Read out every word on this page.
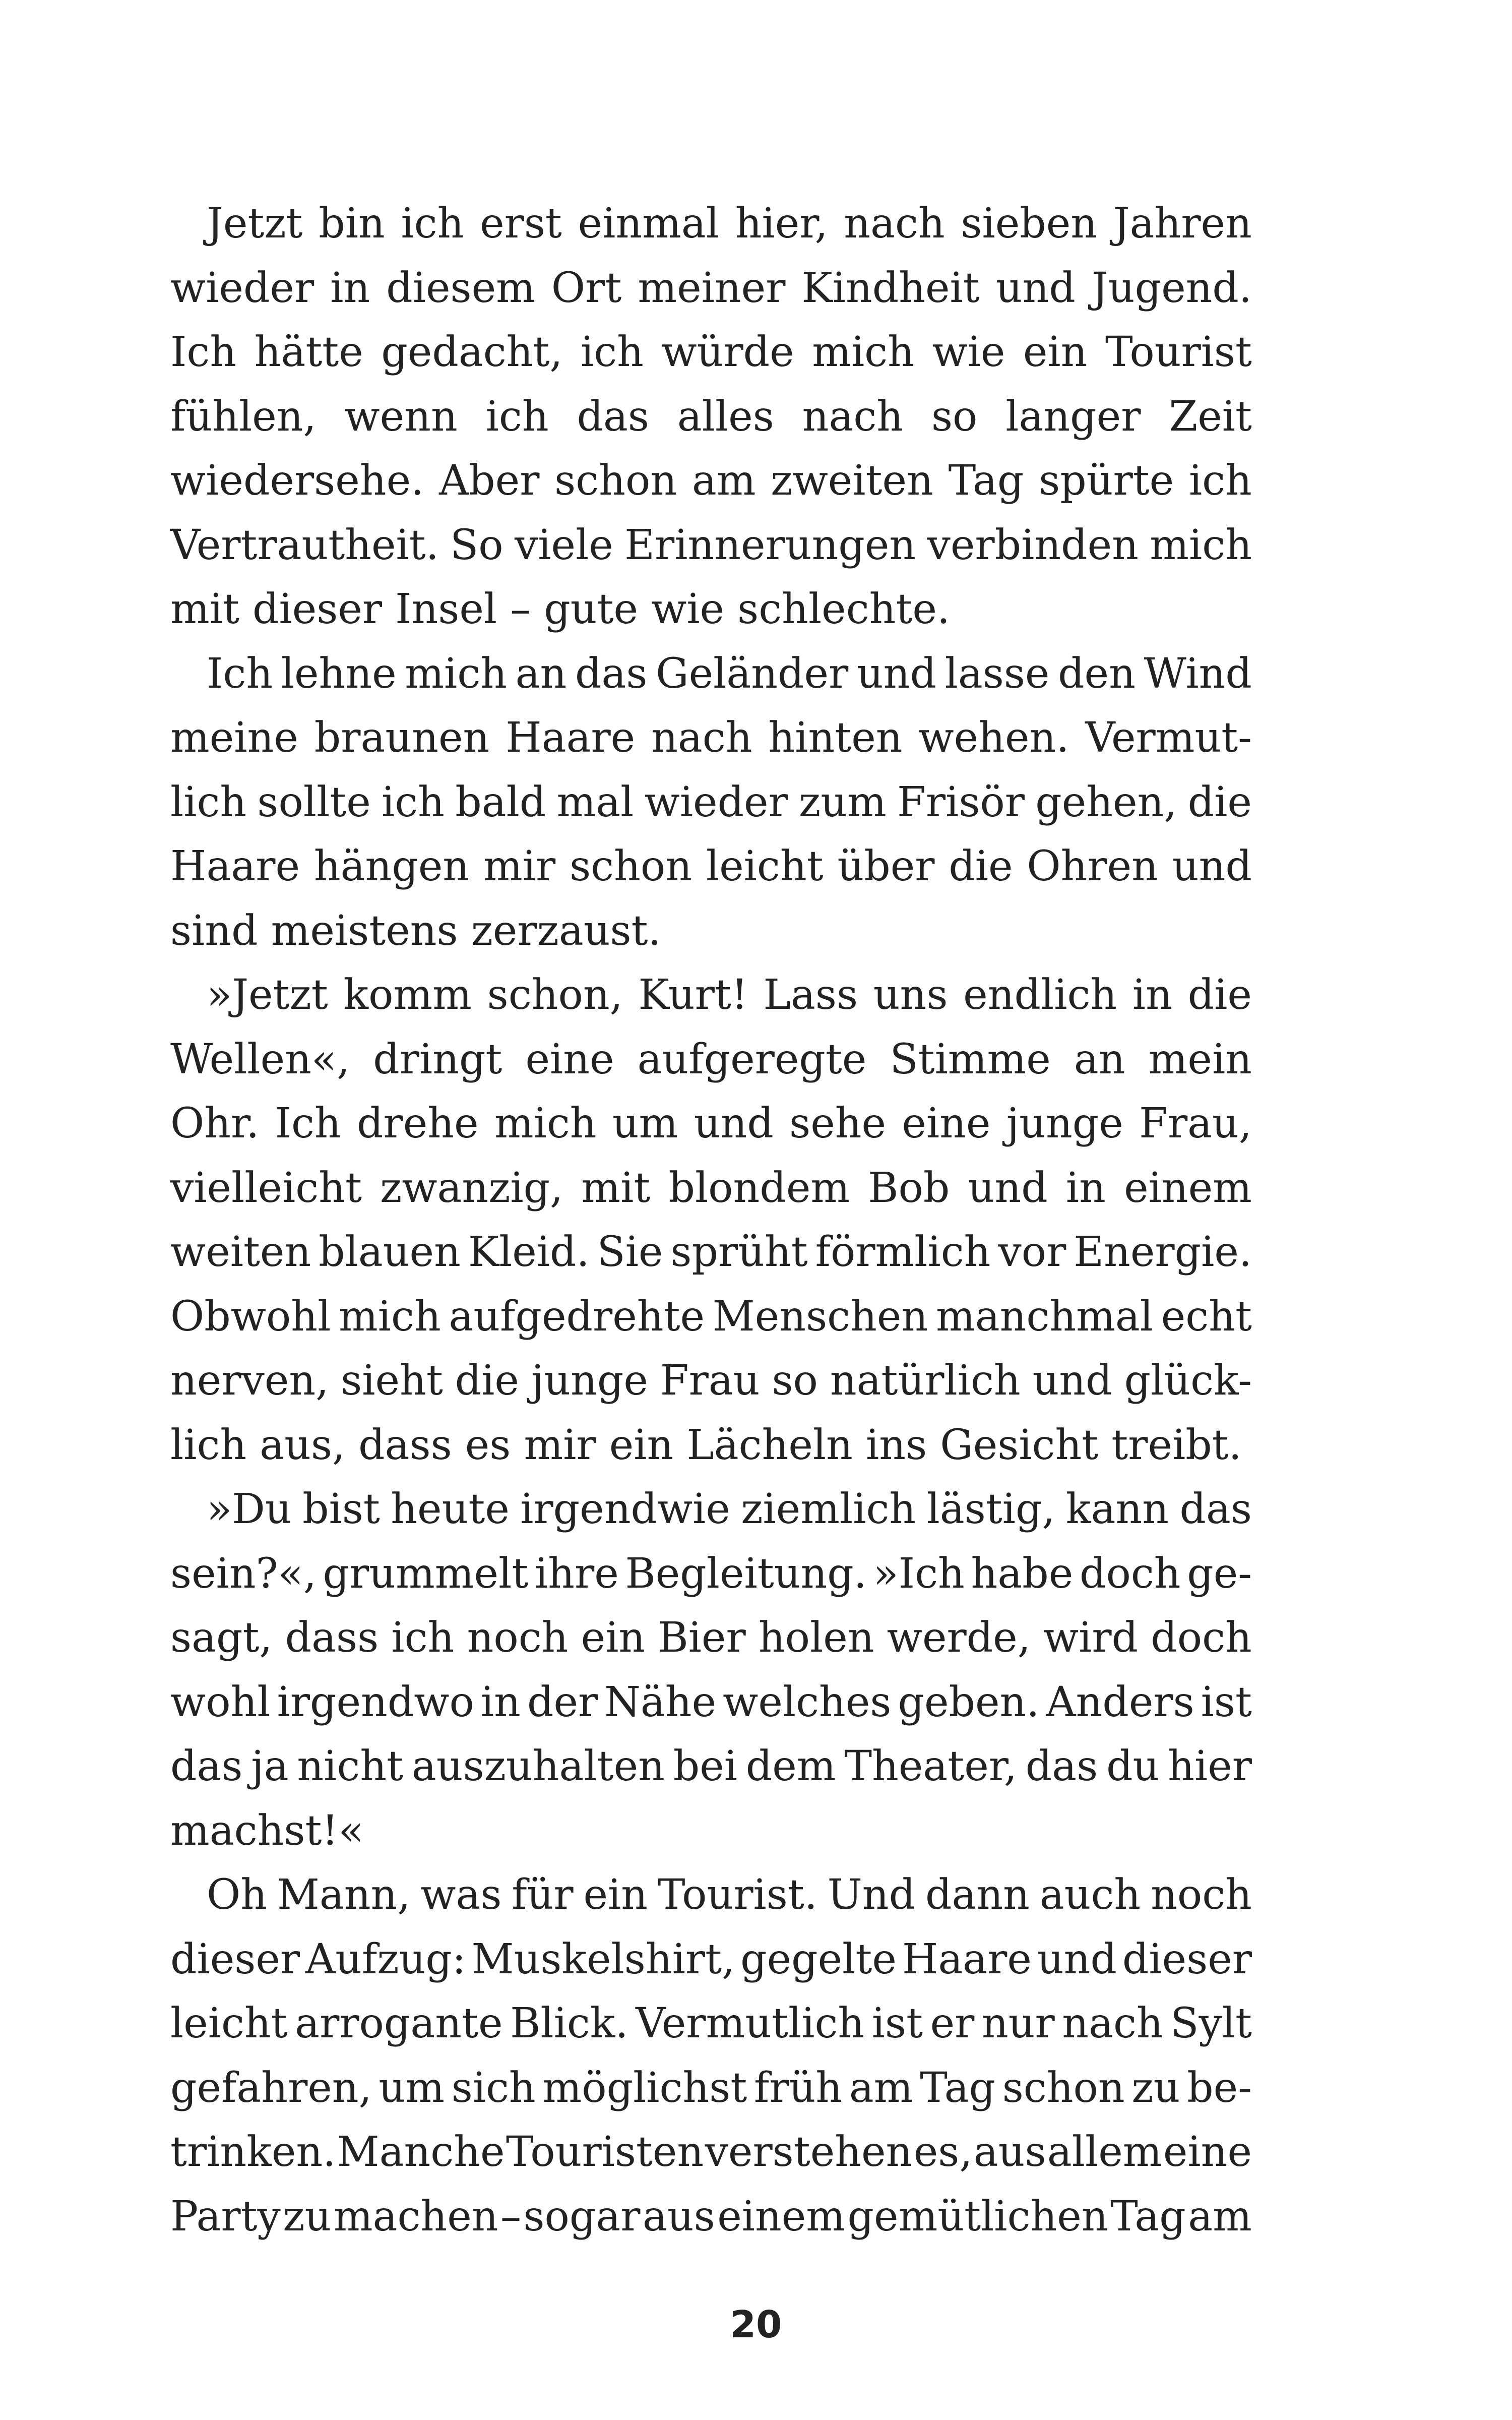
Jetzt bin ich erst einmal hier, nach sieben Jahren
wieder in diesem Ort meiner Kindheit und Jugend.
Ich hätte gedacht, ich würde mich wie ein Tourist
fühlen, wenn ich das alles nach so langer Zeit
wiedersehe. Aber schon am zweiten Tag spürte ich
Vertrautheit. So viele Erinnerungen verbinden mich
mit dieser Insel – gute wie schlechte.
Ich lehne mich an das Geländer und lasse den Wind
meine braunen Haare nach hinten wehen. Vermut-
lich sollte ich bald mal wieder zum Frisör gehen, die
Haare hängen mir schon leicht über die Ohren und
sind meistens zerzaust.
»Jetzt komm schon, Kurt! Lass uns endlich in die
Wellen«, dringt eine aufgeregte Stimme an mein
Ohr. Ich drehe mich um und sehe eine junge Frau,
vielleicht zwanzig, mit blondem Bob und in einem
weiten blauen Kleid. Sie sprüht förmlich vor Energie.
Obwohl mich aufgedrehte Menschen manchmal echt
nerven, sieht die junge Frau so natürlich und glück-
lich aus, dass es mir ein Lächeln ins Gesicht treibt.
»Du bist heute irgendwie ziemlich lästig, kann das
sein?«, grummelt ihre Begleitung. »Ich habe doch ge-
sagt, dass ich noch ein Bier holen werde, wird doch
wohl irgendwo in der Nähe welches geben. Anders ist
das ja nicht auszuhalten bei dem Theater, das du hier
machst!«
Oh Mann, was für ein Tourist. Und dann auch noch
dieser Aufzug: Muskelshirt, gegelte Haare und dieser
leicht arrogante Blick. Vermutlich ist er nur nach Sylt
gefahren, um sich möglichst früh am Tag schon zu be-
trinken. Manche Touristen verstehen es, aus allem eine
Party zu machen – sogar aus einem gemütlichen Tag am
20
